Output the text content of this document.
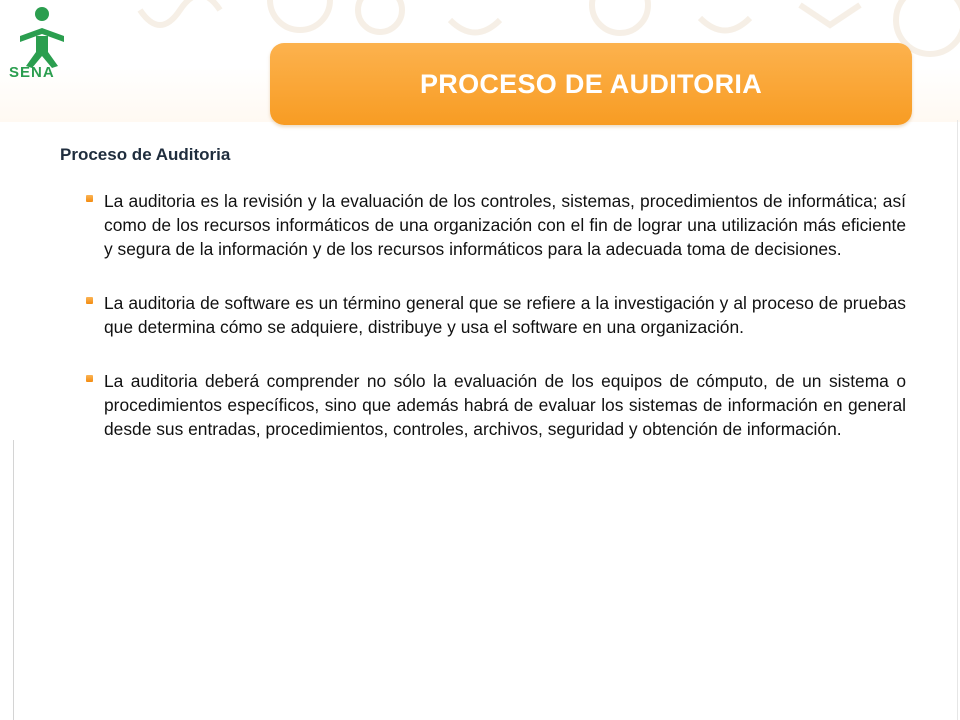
SENA	PROCESO DE AUDITORIA
Proceso de Auditoria
La auditoria es la revisión y la evaluación de los controles, sistemas, procedimientos de informática; así como de los recursos informáticos de una organización con el fin de lograr una utilización más eficiente y segura de la información y de los recursos informáticos para la adecuada toma de decisiones.
La auditoria de software es un término general que se refiere a la investigación y al proceso de pruebas que determina cómo se adquiere, distribuye y usa el software en una organización.
La auditoria deberá comprender no sólo la evaluación de los equipos de cómputo, de un sistema o procedimientos específicos, sino que además habrá de evaluar los sistemas de información en general desde sus entradas, procedimientos, controles, archivos, seguridad y obtención de información.
